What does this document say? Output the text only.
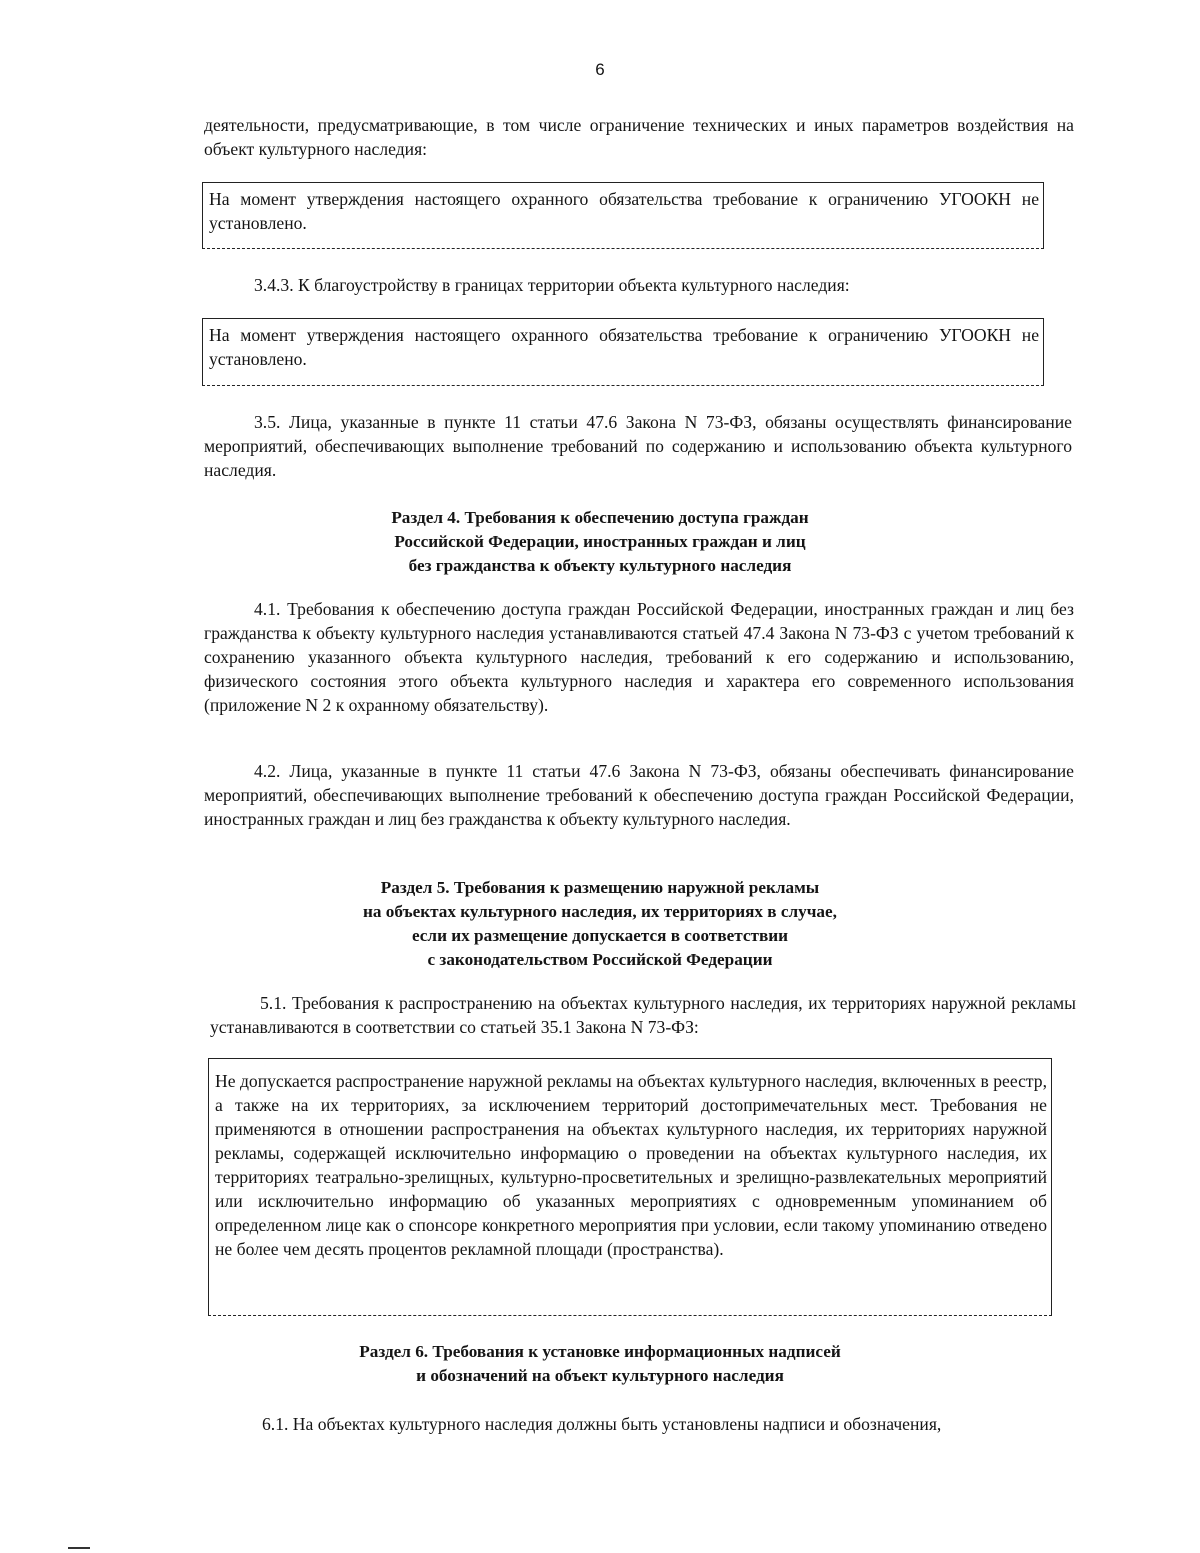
6

деятельности, предусматривающие, в том числе ограничение технических и иных параметров воздействия на объект культурного наследия:

На момент утверждения настоящего охранного обязательства требование к ограничению УГООКН не установлено.

3.4.3. К благоустройству в границах территории объекта культурного наследия:

На момент утверждения настоящего охранного обязательства требование к ограничению УГООКН не установлено.

3.5. Лица, указанные в пункте 11 статьи 47.6 Закона N 73-ФЗ, обязаны осуществлять финансирование мероприятий, обеспечивающих выполнение требований по содержанию и использованию объекта культурного наследия.

Раздел 4. Требования к обеспечению доступа граждан
Российской Федерации, иностранных граждан и лиц
без гражданства к объекту культурного наследия

4.1. Требования к обеспечению доступа граждан Российской Федерации, иностранных граждан и лиц без гражданства к объекту культурного наследия устанавливаются статьей 47.4 Закона N 73-ФЗ с учетом требований к сохранению указанного объекта культурного наследия, требований к его содержанию и использованию, физического состояния этого объекта культурного наследия и характера его современного использования (приложение N 2 к охранному обязательству).

4.2. Лица, указанные в пункте 11 статьи 47.6 Закона N 73-ФЗ, обязаны обеспечивать финансирование мероприятий, обеспечивающих выполнение требований к обеспечению доступа граждан Российской Федерации, иностранных граждан и лиц без гражданства к объекту культурного наследия.

Раздел 5. Требования к размещению наружной рекламы
на объектах культурного наследия, их территориях в случае,
если их размещение допускается в соответствии
с законодательством Российской Федерации

5.1. Требования к распространению на объектах культурного наследия, их территориях наружной рекламы устанавливаются в соответствии со статьей 35.1 Закона N 73-ФЗ:

Не допускается распространение наружной рекламы на объектах культурного наследия, включенных в реестр, а также на их территориях, за исключением территорий достопримечательных мест. Требования не применяются в отношении распространения на объектах культурного наследия, их территориях наружной рекламы, содержащей исключительно информацию о проведении на объектах культурного наследия, их территориях театрально-зрелищных, культурно-просветительных и зрелищно-развлекательных мероприятий или исключительно информацию об указанных мероприятиях с одновременным упоминанием об определенном лице как о спонсоре конкретного мероприятия при условии, если такому упоминанию отведено не более чем десять процентов рекламной площади (пространства).
Раздел 6. Требования к установке информационных надписей
и обозначений на объект культурного наследия

6.1. На объектах культурного наследия должны быть установлены надписи и обозначения,
